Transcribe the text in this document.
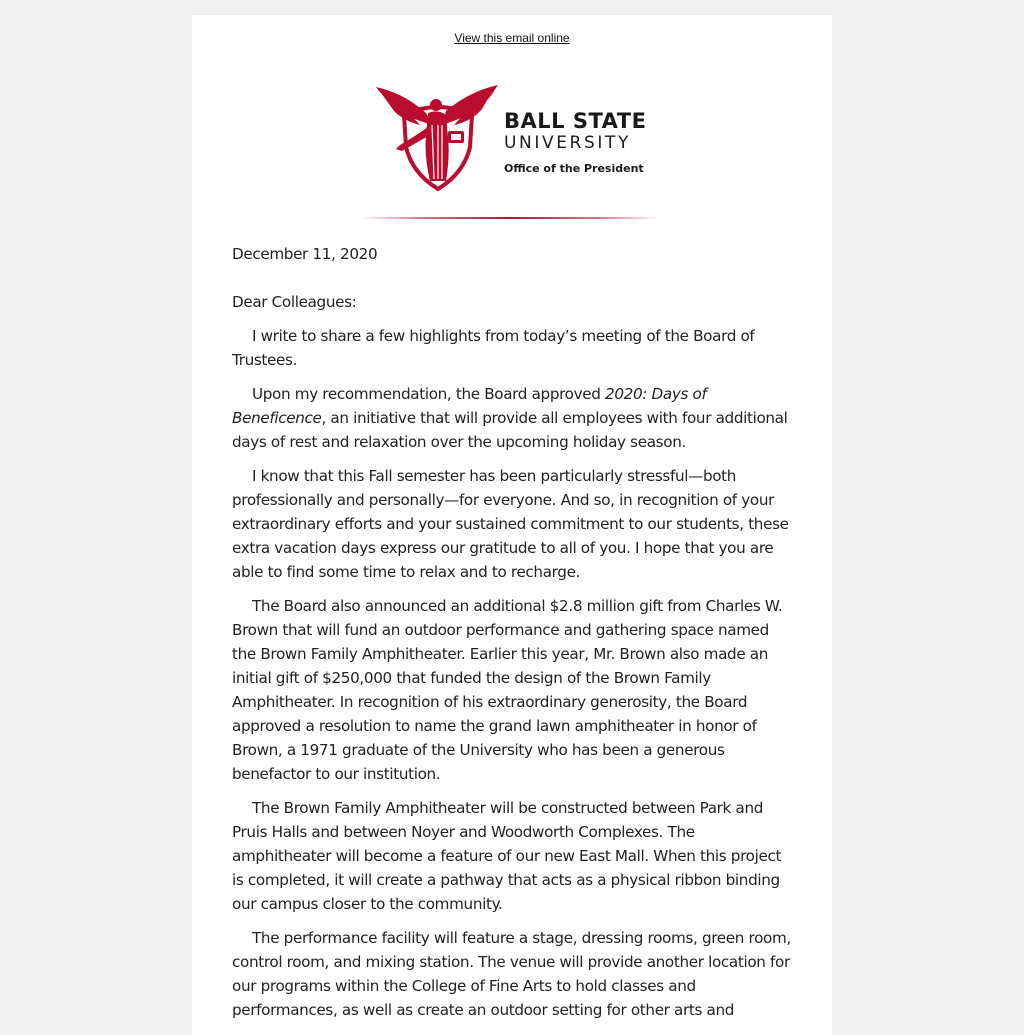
View this email online
BALL STATE
UNIVERSITY
Office of the President

December 11, 2020

Dear Colleagues:

I write to share a few highlights from today’s meeting of the Board of Trustees.

Upon my recommendation, the Board approved 2020: Days of Beneficence, an initiative that will provide all employees with four additional days of rest and relaxation over the upcoming holiday season.

I know that this Fall semester has been particularly stressful—both professionally and personally—for everyone. And so, in recognition of your extraordinary efforts and your sustained commitment to our students, these extra vacation days express our gratitude to all of you. I hope that you are able to find some time to relax and to recharge.

The Board also announced an additional $2.8 million gift from Charles W. Brown that will fund an outdoor performance and gathering space named the Brown Family Amphitheater. Earlier this year, Mr. Brown also made an initial gift of $250,000 that funded the design of the Brown Family Amphitheater. In recognition of his extraordinary generosity, the Board approved a resolution to name the grand lawn amphitheater in honor of Brown, a 1971 graduate of the University who has been a generous benefactor to our institution.

The Brown Family Amphitheater will be constructed between Park and Pruis Halls and between Noyer and Woodworth Complexes. The amphitheater will become a feature of our new East Mall. When this project is completed, it will create a pathway that acts as a physical ribbon binding our campus closer to the community.

The performance facility will feature a stage, dressing rooms, green room, control room, and mixing station. The venue will provide another location for our programs within the College of Fine Arts to hold classes and performances, as well as create an outdoor setting for other arts and
